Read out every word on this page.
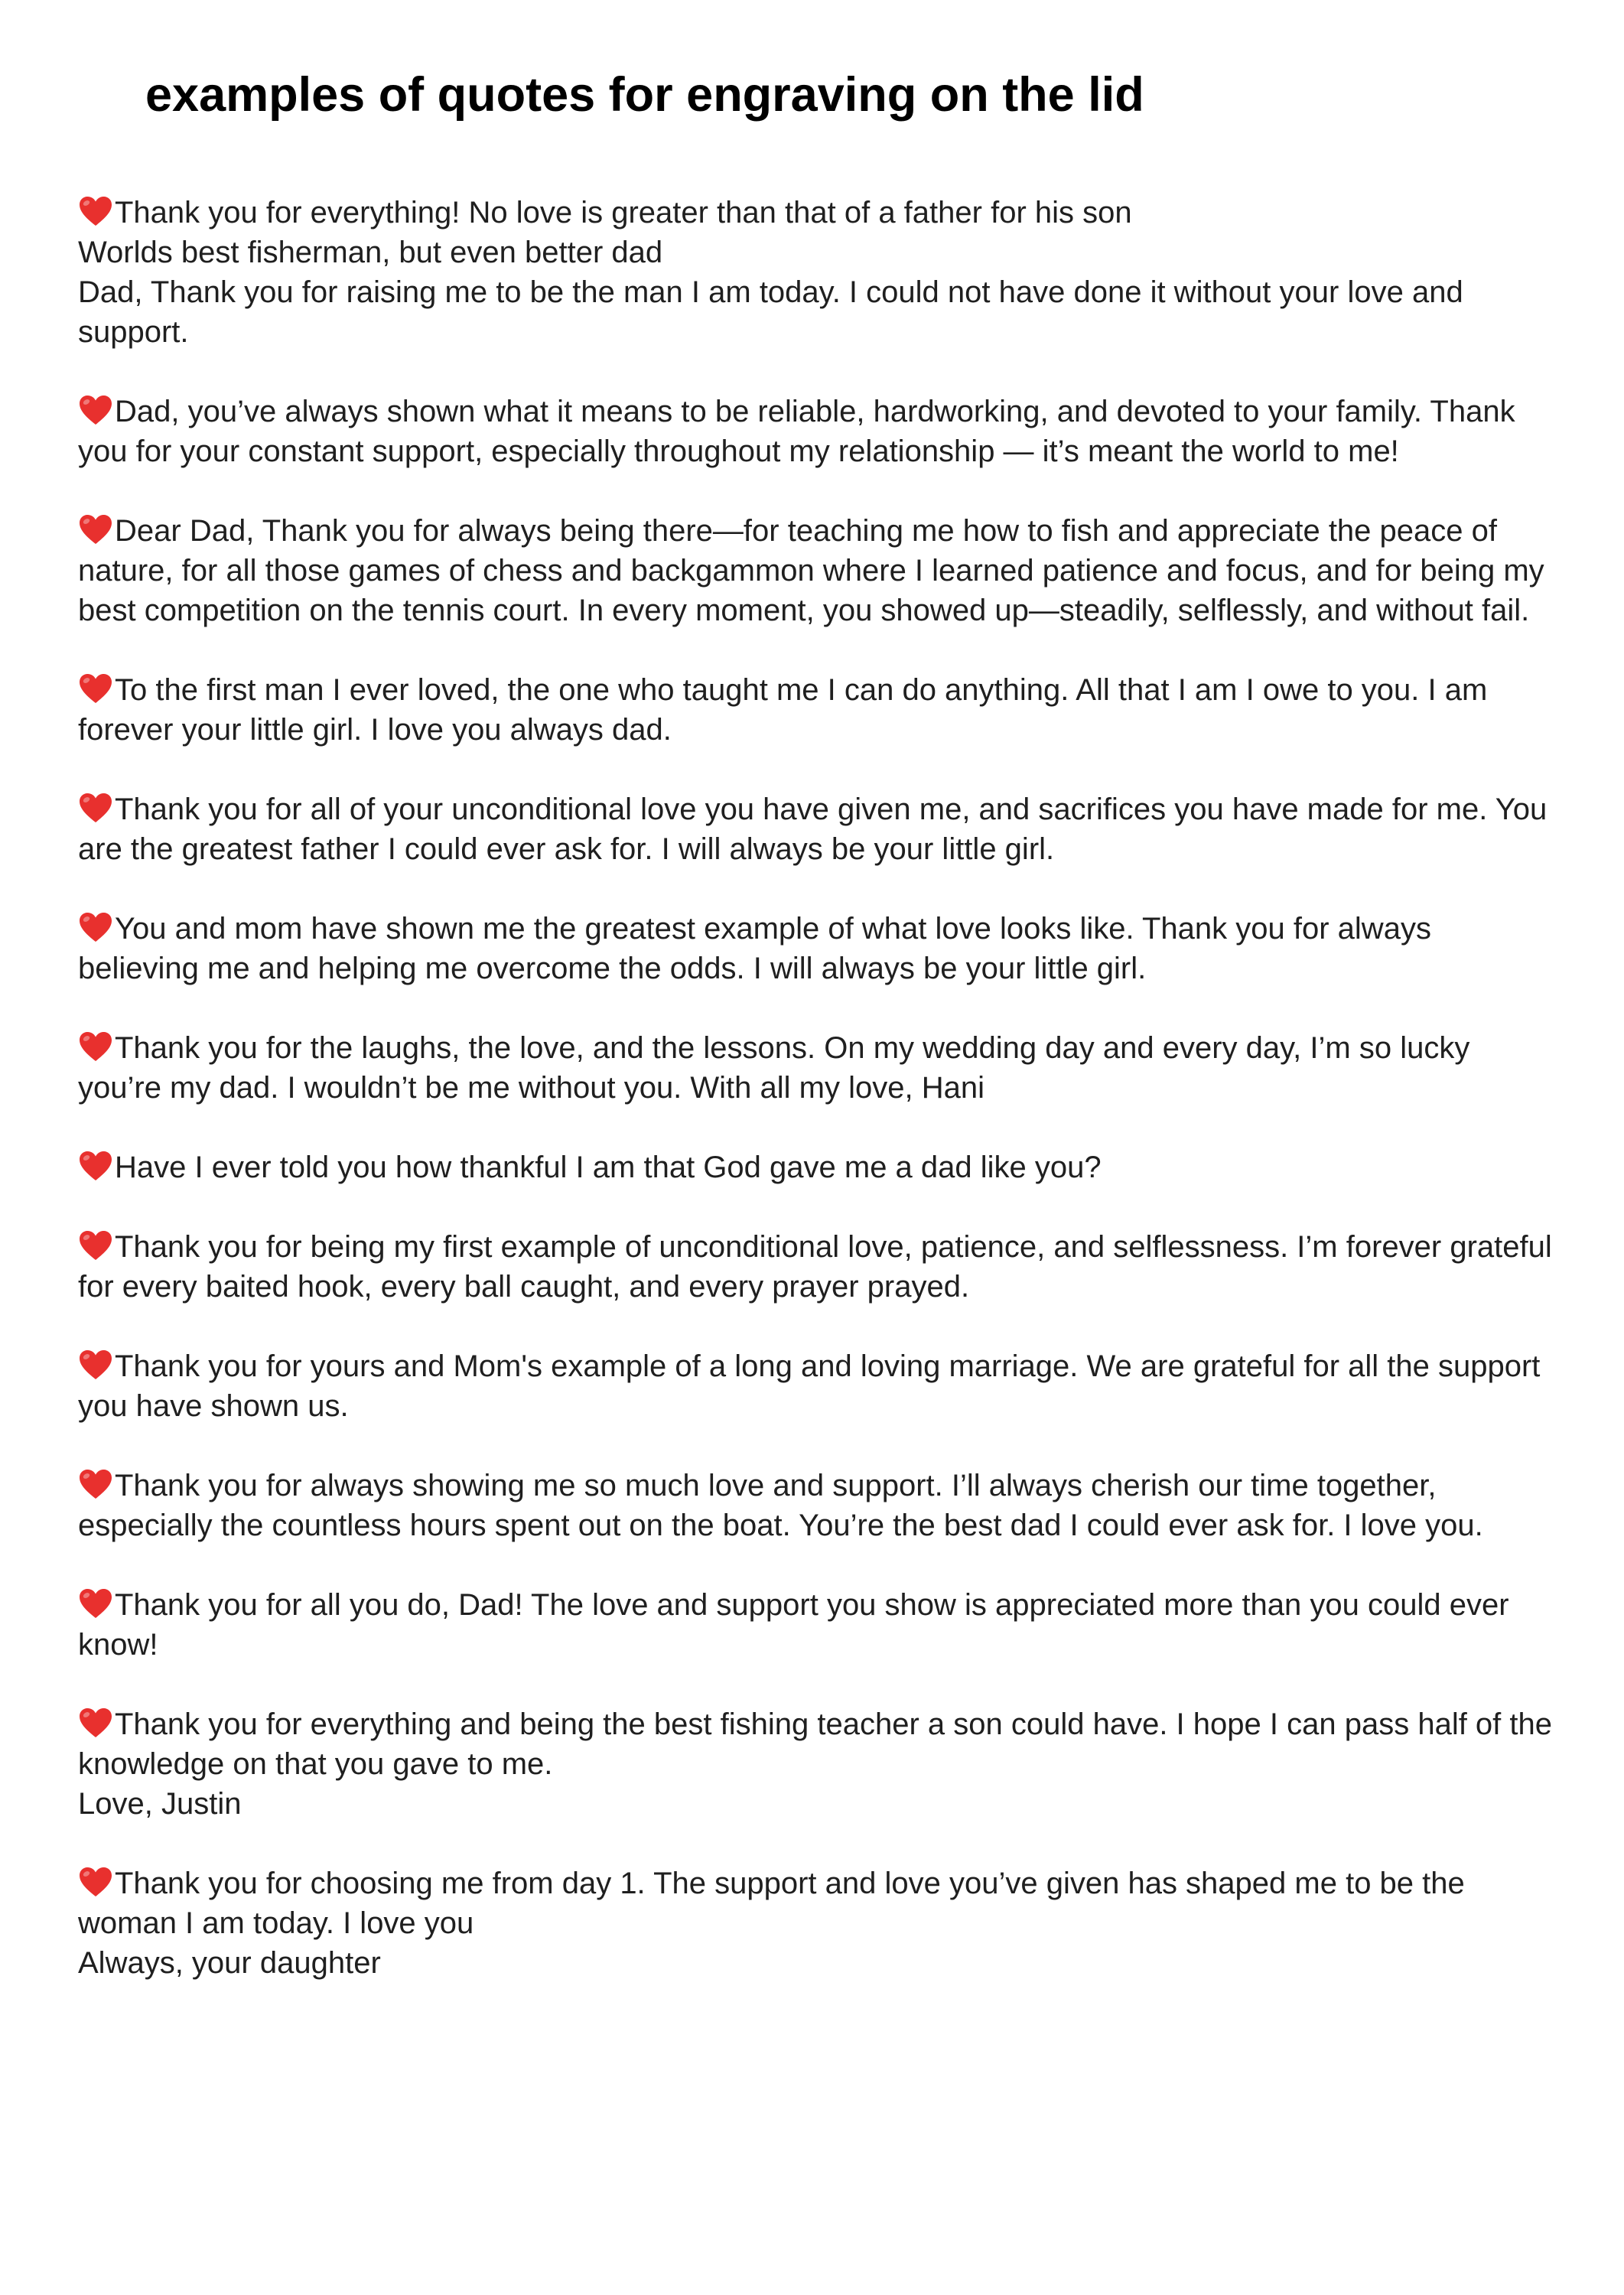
examples of quotes for engraving on the lid

Thank you for everything! No love is greater than that of a father for his son
Worlds best fisherman, but even better dad
Dad, Thank you for raising me to be the man I am today. I could not have done it without your love and support.

Dad, you’ve always shown what it means to be reliable, hardworking, and devoted to your family. Thank you for your constant support, especially throughout my relationship — it’s meant the world to me!

Dear Dad, Thank you for always being there—for teaching me how to fish and appreciate the peace of nature, for all those games of chess and backgammon where I learned patience and focus, and for being my best competition on the tennis court. In every moment, you showed up—steadily, selflessly, and without fail.

To the first man I ever loved, the one who taught me I can do anything. All that I am I owe to you. I am forever your little girl. I love you always dad.

Thank you for all of your unconditional love you have given me, and sacrifices you have made for me. You are the greatest father I could ever ask for. I will always be your little girl.

You and mom have shown me the greatest example of what love looks like. Thank you for always believing me and helping me overcome the odds. I will always be your little girl.

Thank you for the laughs, the love, and the lessons. On my wedding day and every day, I’m so lucky you’re my dad. I wouldn’t be me without you. With all my love, Hani

Have I ever told you how thankful I am that God gave me a dad like you?

Thank you for being my first example of unconditional love, patience, and selflessness. I’m forever grateful for every baited hook, every ball caught, and every prayer prayed.

Thank you for yours and Mom's example of a long and loving marriage. We are grateful for all the support you have shown us.

Thank you for always showing me so much love and support. I’ll always cherish our time together, especially the countless hours spent out on the boat. You’re the best dad I could ever ask for. I love you.

Thank you for all you do, Dad! The love and support you show is appreciated more than you could ever know!

Thank you for everything and being the best fishing teacher a son could have. I hope I can pass half of the knowledge on that you gave to me.
Love, Justin

Thank you for choosing me from day 1. The support and love you’ve given has shaped me to be the woman I am today. I love you
Always, your daughter
